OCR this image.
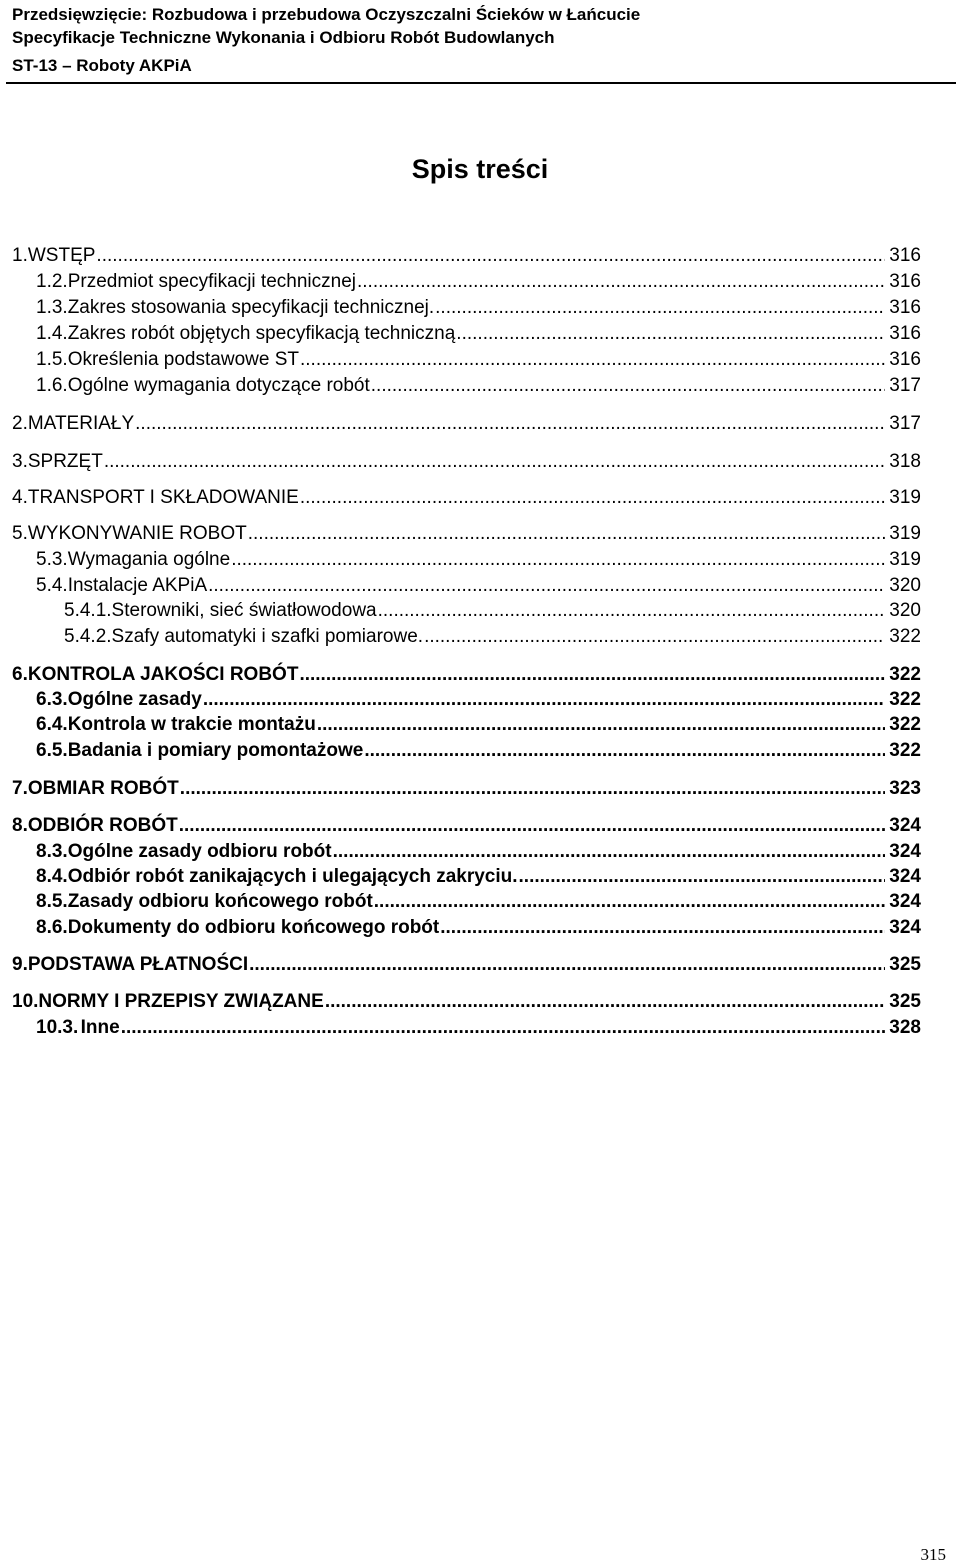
Przedsięwzięcie: Rozbudowa i przebudowa Oczyszczalni Ścieków w Łańcucie
Specyfikacje Techniczne Wykonania i Odbioru Robót Budowlanych
ST-13 – Roboty AKPiA
Spis treści
1. WSTĘP .....	316
1.2. Przedmiot specyfikacji technicznej .....	316
1.3. Zakres stosowania specyfikacji technicznej. .....	316
1.4. Zakres robót objętych specyfikacją techniczną .....	316
1.5. Określenia podstawowe ST .....	316
1.6. Ogólne wymagania dotyczące robót .....	317
2. MATERIAŁY .....	317
3. SPRZĘT .....	318
4. TRANSPORT I SKŁADOWANIE .....	319
5. WYKONYWANIE ROBOT .....	319
5.3. Wymagania ogólne .....	319
5.4. Instalacje AKPiA .....	320
5.4.1. Sterowniki, sieć światłowodowa .....	320
5.4.2. Szafy automatyki i szafki pomiarowe. .....	322
6. KONTROLA JAKOŚCI ROBÓT .....	322
6.3. Ogólne zasady .....	322
6.4. Kontrola w trakcie montażu .....	322
6.5. Badania i pomiary pomontażowe .....	322
7. OBMIAR ROBÓT .....	323
8. ODBIÓR ROBÓT .....	324
8.3. Ogólne zasady odbioru robót .....	324
8.4. Odbiór robót zanikających i ulegających zakryciu. .....	324
8.5. Zasady odbioru końcowego robót .....	324
8.6. Dokumenty do odbioru końcowego robót .....	324
9. PODSTAWA PŁATNOŚCI .....	325
10. NORMY I PRZEPISY ZWIĄZANE .....	325
10.3. Inne .....	328
315
